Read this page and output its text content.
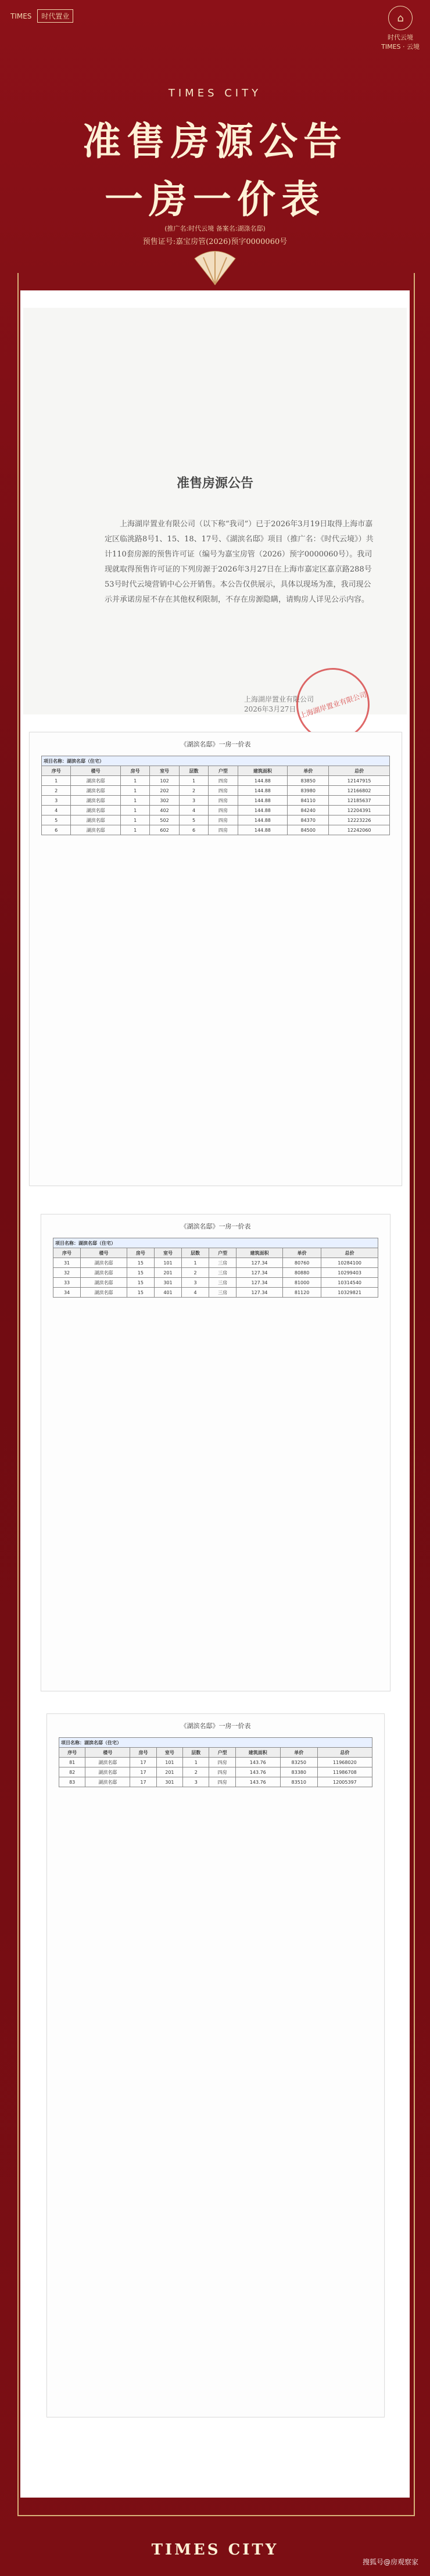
TIMES	时代置业	⌂
时代云境
TIMES · 云境
TIMES CITY
准售房源公告
一房一价表
(推广名:时代云境 备案名:湖涤名邸)
预售证号:嘉宝房管(2026)预字0000060号
准售房源公告
上海湖岸置业有限公司（以下称“我司”）已于2026年3月19日取得上海市嘉定区临洮路8号1、15、18、17号、《湖滨名邸》项目（推广名：《时代云境》）共计110套房源的预售许可证（编号为嘉宝房管（2026）预字0000060号）。我司现就取得预售许可证的下列房源于2026年3月27日在上海市嘉定区嘉京路288号53号时代云境营销中心公开销售。本公告仅供展示，具体以现场为准，我司现公示并承诺房屋不存在其他权利限制，不存在房源隐瞒，请购房人详见公示内容。
上海湖岸置业有限公司
2026年3月27日 上海湖岸置业有限公司
《湖滨名邸》一房一价表
项目名称：湖滨名邸（住宅）								
序号	楼号	房号	室号	层数	户型	建筑面积	单价	总价
1	湖滨名邸	1	102	1	四房	144.88	83850	12147915
2	湖滨名邸	1	202	2	四房	144.88	83980	12166802
3	湖滨名邸	1	302	3	四房	144.88	84110	12185637
4	湖滨名邸	1	402	4	四房	144.88	84240	12204391
5	湖滨名邸	1	502	5	四房	144.88	84370	12223226
6	湖滨名邸	1	602	6	四房	144.88	84500	12242060
《湖滨名邸》一房一价表
项目名称：湖滨名邸（住宅）								
序号	楼号	房号	室号	层数	户型	建筑面积	单价	总价
31	湖滨名邸	15	101	1	三房	127.34	80760	10284100
32	湖滨名邸	15	201	2	三房	127.34	80880	10299403
33	湖滨名邸	15	301	3	三房	127.34	81000	10314540
34	湖滨名邸	15	401	4	三房	127.34	81120	10329821
《湖滨名邸》一房一价表
项目名称：湖滨名邸（住宅）								
序号	楼号	房号	室号	层数	户型	建筑面积	单价	总价
81	湖滨名邸	17	101	1	四房	143.76	83250	11968020
82	湖滨名邸	17	201	2	四房	143.76	83380	11986708
83	湖滨名邸	17	301	3	四房	143.76	83510	12005397
TIMES CITY
搜狐号@房观察家
